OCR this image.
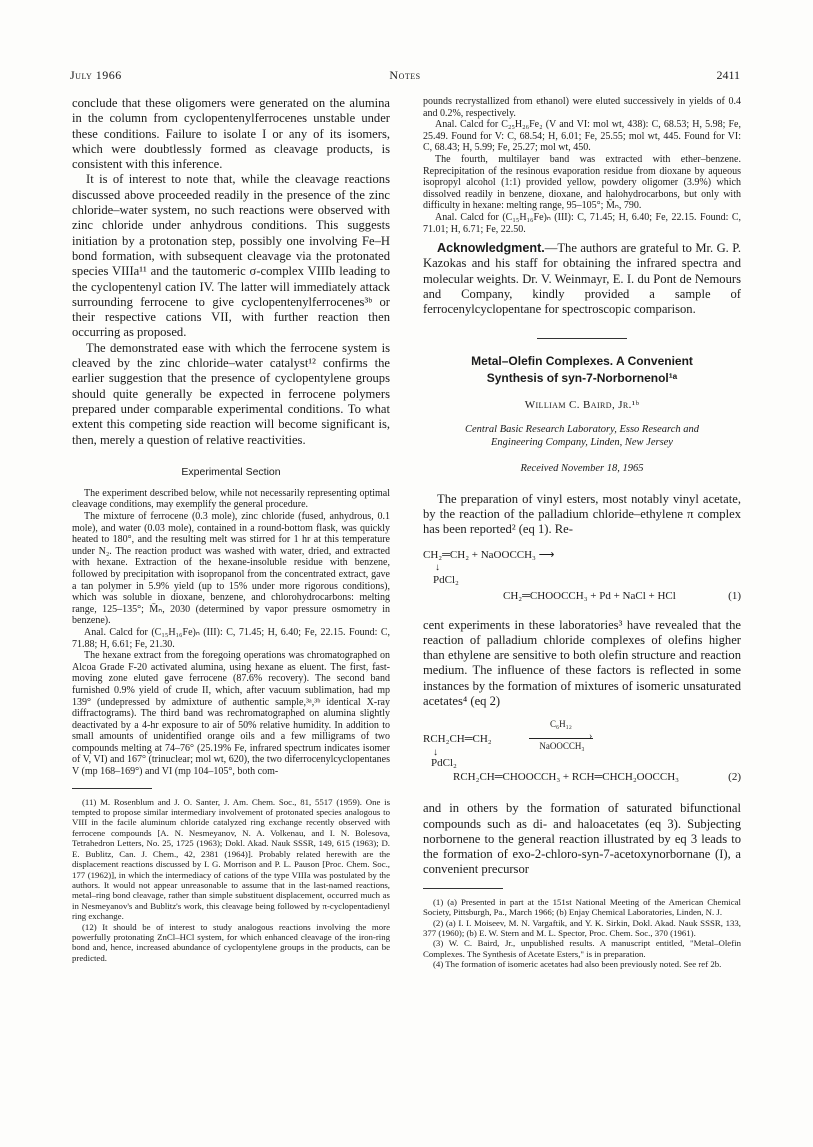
July 1966	Notes	2411

conclude that these oligomers were generated on the alumina in the column from cyclopentenylferrocenes unstable under these conditions. Failure to isolate I or any of its isomers, which were doubtlessly formed as cleavage products, is consistent with this inference.

It is of interest to note that, while the cleavage reactions discussed above proceeded readily in the presence of the zinc chloride–water system, no such reactions were observed with zinc chloride under anhydrous conditions. This suggests initiation by a protonation step, possibly one involving Fe–H bond formation, with subsequent cleavage via the protonated species VIIIa¹¹ and the tautomeric σ-complex VIIIb leading to the cyclopentenyl cation IV. The latter will immediately attack surrounding ferrocene to give cyclopentenylferrocenes³ᵇ or their respective cations VII, with further reaction then occurring as proposed.

The demonstrated ease with which the ferrocene system is cleaved by the zinc chloride–water catalyst¹² confirms the earlier suggestion that the presence of cyclopentylene groups should quite generally be expected in ferrocene polymers prepared under comparable experimental conditions. To what extent this competing side reaction will become significant is, then, merely a question of relative reactivities.

Experimental Section

The experiment described below, while not necessarily representing optimal cleavage conditions, may exemplify the general procedure.

The mixture of ferrocene (0.3 mole), zinc chloride (fused, anhydrous, 0.1 mole), and water (0.03 mole), contained in a round-bottom flask, was quickly heated to 180°, and the resulting melt was stirred for 1 hr at this temperature under N₂. The reaction product was washed with water, dried, and extracted with hexane. Extraction of the hexane-insoluble residue with benzene, followed by precipitation with isopropanol from the concentrated extract, gave a tan polymer in 5.9% yield (up to 15% under more rigorous conditions), which was soluble in dioxane, benzene, and chlorohydrocarbons: melting range, 125–135°; M̄ₙ, 2030 (determined by vapor pressure osmometry in benzene).

Anal. Calcd for (C₁₅H₁₆Fe)ₙ (III): C, 71.45; H, 6.40; Fe, 22.15. Found: C, 71.88; H, 6.61; Fe, 21.30.

The hexane extract from the foregoing operations was chromatographed on Alcoa Grade F-20 activated alumina, using hexane as eluent. The first, fast-moving zone eluted gave ferrocene (87.6% recovery). The second band furnished 0.9% yield of crude II, which, after vacuum sublimation, had mp 139° (undepressed by admixture of authentic sample,³ᵃ,³ᵇ identical X-ray diffractograms). The third band was rechromatographed on alumina slightly deactivated by a 4-hr exposure to air of 50% relative humidity. In addition to small amounts of unidentified orange oils and a few milligrams of two compounds melting at 74–76° (25.19% Fe, infrared spectrum indicates isomer of V, VI) and 167° (trinuclear; mol wt, 620), the two diferrocenylcyclopentanes V (mp 168–169°) and VI (mp 104–105°, both com-

(11) M. Rosenblum and J. O. Santer, J. Am. Chem. Soc., 81, 5517 (1959). One is tempted to propose similar intermediary involvement of protonated species analogous to VIII in the facile aluminum chloride catalyzed ring exchange recently observed with ferrocene compounds [A. N. Nesmeyanov, N. A. Volkenau, and I. N. Bolesova, Tetrahedron Letters, No. 25, 1725 (1963); Dokl. Akad. Nauk SSSR, 149, 615 (1963); D. E. Bublitz, Can. J. Chem., 42, 2381 (1964)]. Probably related herewith are the displacement reactions discussed by I. G. Morrison and P. L. Pauson [Proc. Chem. Soc., 177 (1962)], in which the intermediacy of cations of the type VIIIa was postulated by the authors. It would not appear unreasonable to assume that in the last-named reactions, metal–ring bond cleavage, rather than simple substituent displacement, occurred much as in Nesmeyanov's and Bublitz's work, this cleavage being followed by π-cyclopentadienyl ring exchange.

(12) It should be of interest to study analogous reactions involving the more powerfully protonating ZnCl–HCl system, for which enhanced cleavage of the iron-ring bond and, hence, increased abundance of cyclopentylene groups in the products, can be predicted.

pounds recrystallized from ethanol) were eluted successively in yields of 0.4 and 0.2%, respectively.

Anal. Calcd for C₂₅H₂₆Fe₂ (V and VI: mol wt, 438): C, 68.53; H, 5.98; Fe, 25.49. Found for V: C, 68.54; H, 6.01; Fe, 25.55; mol wt, 445. Found for VI: C, 68.43; H, 5.99; Fe, 25.27; mol wt, 450.

The fourth, multilayer band was extracted with ether–benzene. Reprecipitation of the resinous evaporation residue from dioxane by aqueous isopropyl alcohol (1:1) provided yellow, powdery oligomer (3.9%) which dissolved readily in benzene, dioxane, and halohydrocarbons, but only with difficulty in hexane: melting range, 95–105°; M̄ₙ, 790.

Anal. Calcd for (C₁₅H₁₆Fe)ₙ (III): C, 71.45; H, 6.40; Fe, 22.15. Found: C, 71.01; H, 6.71; Fe, 22.50.

Acknowledgment.—The authors are grateful to Mr. G. P. Kazokas and his staff for obtaining the infrared spectra and molecular weights. Dr. V. Weinmayr, E. I. du Pont de Nemours and Company, kindly provided a sample of ferrocenylcyclopentane for spectroscopic comparison.

Metal–Olefin Complexes. A Convenient
Synthesis of syn-7-Norbornenol¹ᵃ
William C. Baird, Jr.¹ᵇ
Central Basic Research Laboratory, Esso Research and
Engineering Company, Linden, New Jersey
Received November 18, 1965

The preparation of vinyl esters, most notably vinyl acetate, by the reaction of the palladium chloride–ethylene π complex has been reported² (eq 1). Re-

CH₂═CH₂ + NaOOCCH₃ ⟶
↓
PdCl₂
CH₂═CHOOCCH₃ + Pd + NaCl + HCl	(1)

cent experiments in these laboratories³ have revealed that the reaction of palladium chloride complexes of olefins higher than ethylene are sensitive to both olefin structure and reaction medium. The influence of these factors is reflected in some instances by the formation of mixtures of isomeric unsaturated acetates⁴ (eq 2)

RCH₂CH═CH₂
C₆H₁₂
›
NaOOCCH₃
↓
PdCl₂
RCH₂CH═CHOOCCH₃ + RCH═CHCH₂OOCCH₃	(2)

and in others by the formation of saturated bifunctional compounds such as di- and haloacetates (eq 3). Subjecting norbornene to the general reaction illustrated by eq 3 leads to the formation of exo-2-chloro-syn-7-acetoxynorbornane (I), a convenient precursor

(1) (a) Presented in part at the 151st National Meeting of the American Chemical Society, Pittsburgh, Pa., March 1966; (b) Enjay Chemical Laboratories, Linden, N. J.

(2) (a) I. I. Moiseev, M. N. Vargaftik, and Y. K. Sirkin, Dokl. Akad. Nauk SSSR, 133, 377 (1960); (b) E. W. Stern and M. L. Spector, Proc. Chem. Soc., 370 (1961).

(3) W. C. Baird, Jr., unpublished results. A manuscript entitled, "Metal–Olefin Complexes. The Synthesis of Acetate Esters," is in preparation.

(4) The formation of isomeric acetates had also been previously noted. See ref 2b.
